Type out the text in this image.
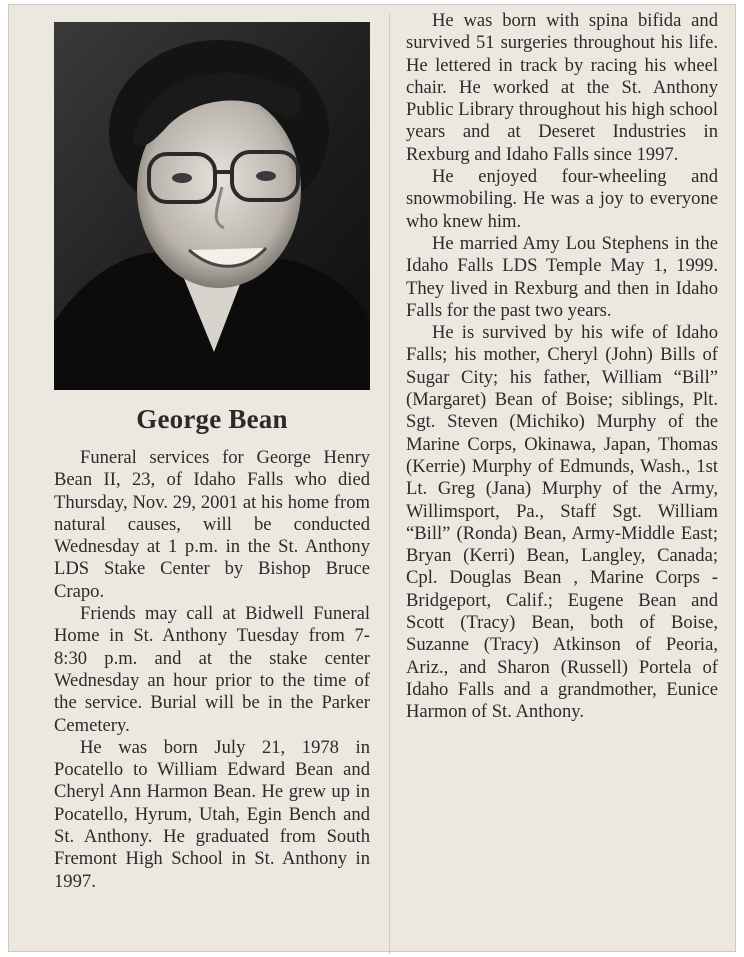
George Bean

Funeral services for George Henry Bean II, 23, of Idaho Falls who died Thursday, Nov. 29, 2001 at his home from natural causes, will be conducted Wednesday at 1 p.m. in the St. Anthony LDS Stake Center by Bishop Bruce Crapo.

Friends may call at Bidwell Funeral Home in St. Anthony Tuesday from 7-8:30 p.m. and at the stake center Wednesday an hour prior to the time of the service. Burial will be in the Parker Cemetery.

He was born July 21, 1978 in Pocatello to William Edward Bean and Cheryl Ann Harmon Bean. He grew up in Pocatello, Hyrum, Utah, Egin Bench and St. Anthony. He graduated from South Fremont High School in St. Anthony in 1997.

He was born with spina bifida and survived 51 surgeries throughout his life. He lettered in track by racing his wheel chair. He worked at the St. Anthony Public Library throughout his high school years and at Deseret Industries in Rexburg and Idaho Falls since 1997.

He enjoyed four-wheeling and snowmobiling. He was a joy to everyone who knew him.

He married Amy Lou Stephens in the Idaho Falls LDS Temple May 1, 1999. They lived in Rexburg and then in Idaho Falls for the past two years.

He is survived by his wife of Idaho Falls; his mother, Cheryl (John) Bills of Sugar City; his father, William “Bill” (Margaret) Bean of Boise; siblings, Plt. Sgt. Steven (Michiko) Murphy of the Marine Corps, Okinawa, Japan, Thomas (Kerrie) Murphy of Edmunds, Wash., 1st Lt. Greg (Jana) Murphy of the Army, Willimsport, Pa., Staff Sgt. William “Bill” (Ronda) Bean, Army-Middle East; Bryan (Kerri) Bean, Langley, Canada; Cpl. Douglas Bean , Marine Corps - Bridgeport, Calif.; Eugene Bean and Scott (Tracy) Bean, both of Boise, Suzanne (Tracy) Atkinson of Peoria, Ariz., and Sharon (Russell) Portela of Idaho Falls and a grandmother, Eunice Harmon of St. Anthony.
